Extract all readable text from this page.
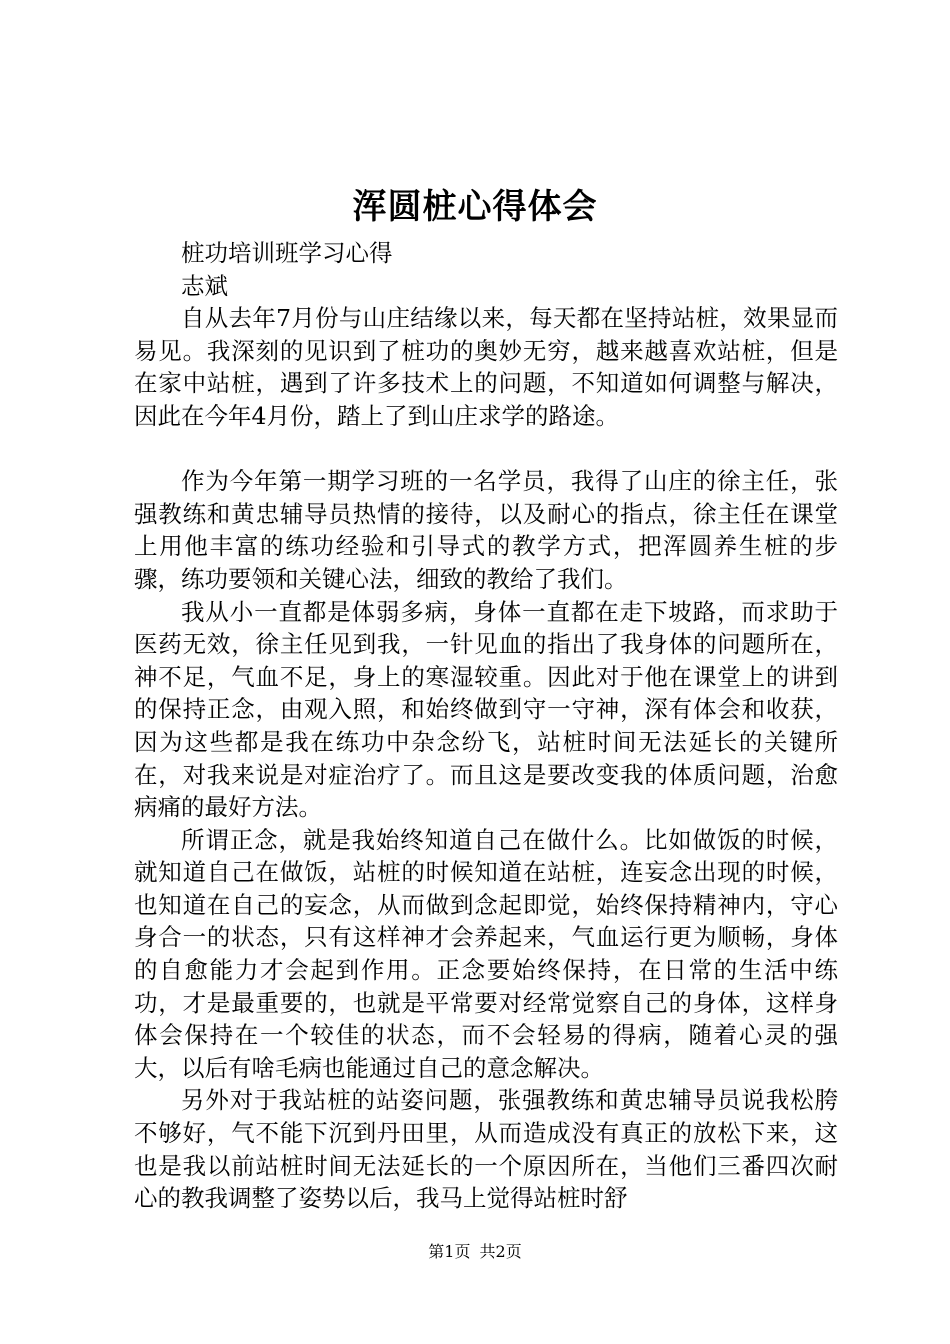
浑圆桩心得体会

桩功培训班学习心得

志斌

自从去年7月份与山庄结缘以来，每天都在坚持站桩，效果显而易见。我深刻的见识到了桩功的奥妙无穷，越来越喜欢站桩，但是在家中站桩，遇到了许多技术上的问题，不知道如何调整与解决，因此在今年4月份，踏上了到山庄求学的路途。

作为今年第一期学习班的一名学员，我得了山庄的徐主任，张强教练和黄忠辅导员热情的接待，以及耐心的指点，徐主任在课堂上用他丰富的练功经验和引导式的教学方式，把浑圆养生桩的步骤，练功要领和关键心法，细致的教给了我们。

我从小一直都是体弱多病，身体一直都在走下坡路，而求助于医药无效，徐主任见到我，一针见血的指出了我身体的问题所在，神不足，气血不足，身上的寒湿较重。因此对于他在课堂上的讲到的保持正念，由观入照，和始终做到守一守神，深有体会和收获，因为这些都是我在练功中杂念纷飞，站桩时间无法延长的关键所在，对我来说是对症治疗了。而且这是要改变我的体质问题，治愈病痛的最好方法。

所谓正念，就是我始终知道自己在做什么。比如做饭的时候，就知道自己在做饭，站桩的时候知道在站桩，连妄念出现的时候，也知道在自己的妄念，从而做到念起即觉，始终保持精神内，守心身合一的状态，只有这样神才会养起来，气血运行更为顺畅，身体的自愈能力才会起到作用。正念要始终保持，在日常的生活中练功，才是最重要的，也就是平常要对经常觉察自己的身体，这样身体会保持在一个较佳的状态，而不会轻易的得病，随着心灵的强大，以后有啥毛病也能通过自己的意念解决。

另外对于我站桩的站姿问题，张强教练和黄忠辅导员说我松胯不够好，气不能下沉到丹田里，从而造成没有真正的放松下来，这也是我以前站桩时间无法延长的一个原因所在，当他们三番四次耐心的教我调整了姿势以后，我马上觉得站桩时舒

第1页 共2页
